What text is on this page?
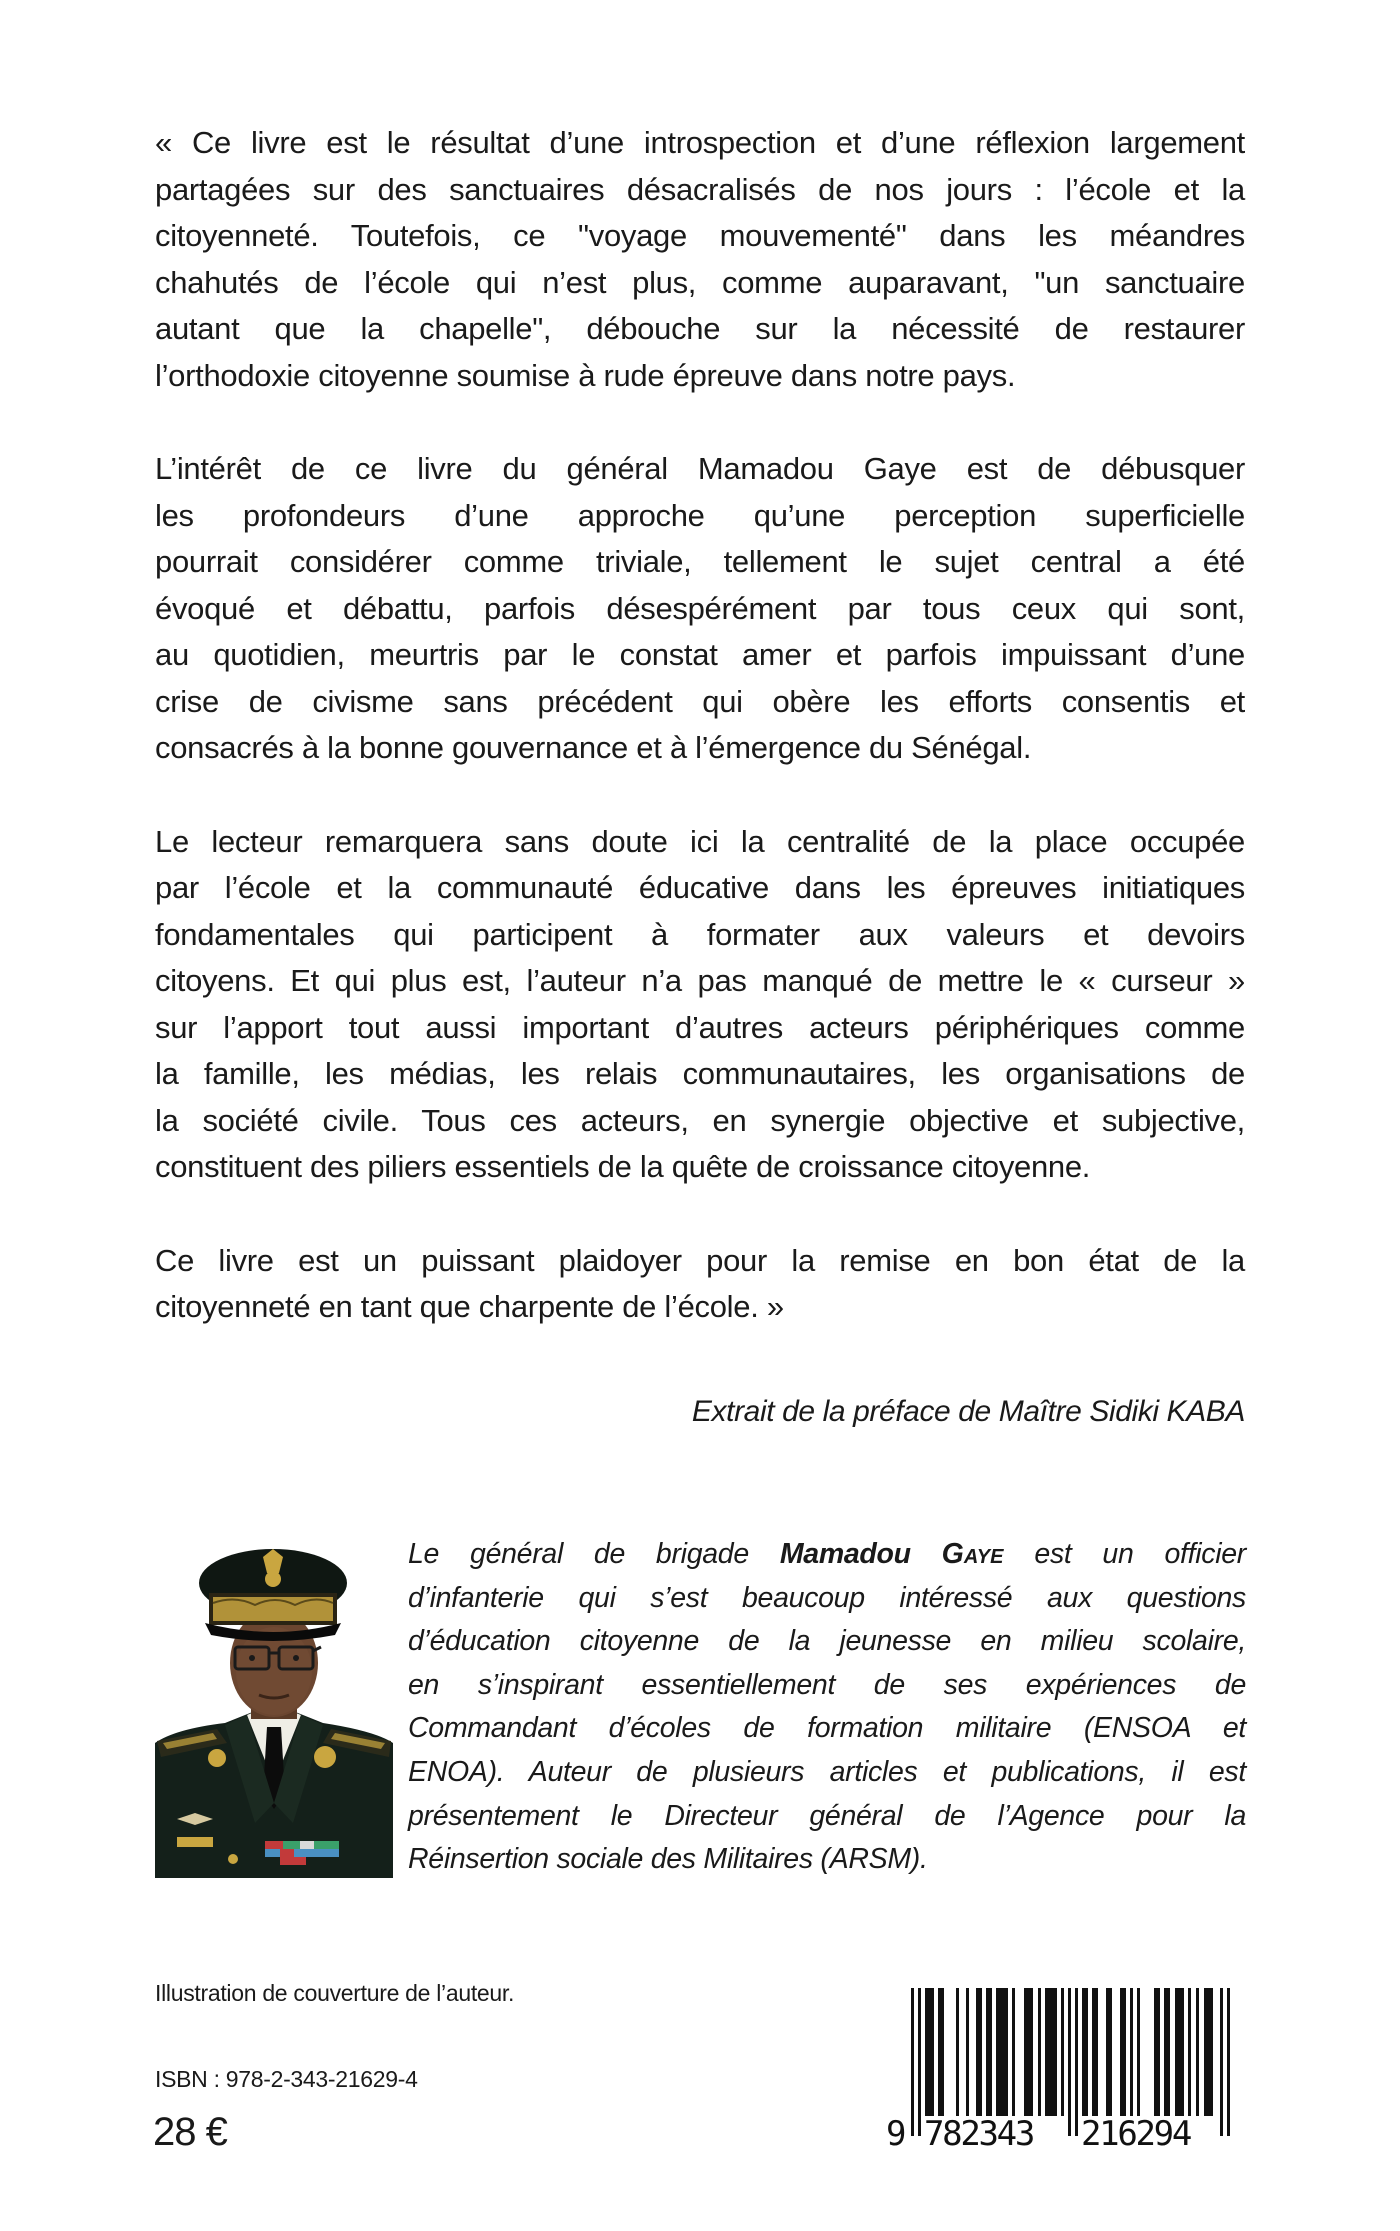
« Ce livre est le résultat d’une introspection et d’une réflexion largement
partagées sur des sanctuaires désacralisés de nos jours : l’école et la
citoyenneté. Toutefois, ce "voyage mouvementé" dans les méandres
chahutés de l’école qui n’est plus, comme auparavant, "un sanctuaire
autant que la chapelle", débouche sur la nécessité de restaurer
l’orthodoxie citoyenne soumise à rude épreuve dans notre pays.

L’intérêt de ce livre du général Mamadou Gaye est de débusquer
les profondeurs d’une approche qu’une perception superficielle
pourrait considérer comme triviale, tellement le sujet central a été
évoqué et débattu, parfois désespérément par tous ceux qui sont,
au quotidien, meurtris par le constat amer et parfois impuissant d’une
crise de civisme sans précédent qui obère les efforts consentis et
consacrés à la bonne gouvernance et à l’émergence du Sénégal.

Le lecteur remarquera sans doute ici la centralité de la place occupée
par l’école et la communauté éducative dans les épreuves initiatiques
fondamentales qui participent à formater aux valeurs et devoirs
citoyens. Et qui plus est, l’auteur n’a pas manqué de mettre le « curseur »
sur l’apport tout aussi important d’autres acteurs périphériques comme
la famille, les médias, les relais communautaires, les organisations de
la société civile. Tous ces acteurs, en synergie objective et subjective,
constituent des piliers essentiels de la quête de croissance citoyenne.

Ce livre est un puissant plaidoyer pour la remise en bon état de la
citoyenneté en tant que charpente de l’école. »

Extrait de la préface de Maître Sidiki KABA
Le général de brigade Mamadou Gaye est un officier
d’infanterie qui s’est beaucoup intéressé aux questions
d’éducation citoyenne de la jeunesse en milieu scolaire,
en s’inspirant essentiellement de ses expériences de
Commandant d’écoles de formation militaire (ENSOA et
ENOA). Auteur de plusieurs articles et publications, il est
présentement le Directeur général de l’Agence pour la
Réinsertion sociale des Militaires (ARSM).
Illustration de couverture de l’auteur.
ISBN : 978-2-343-21629-4
28 €	9 782343 216294
